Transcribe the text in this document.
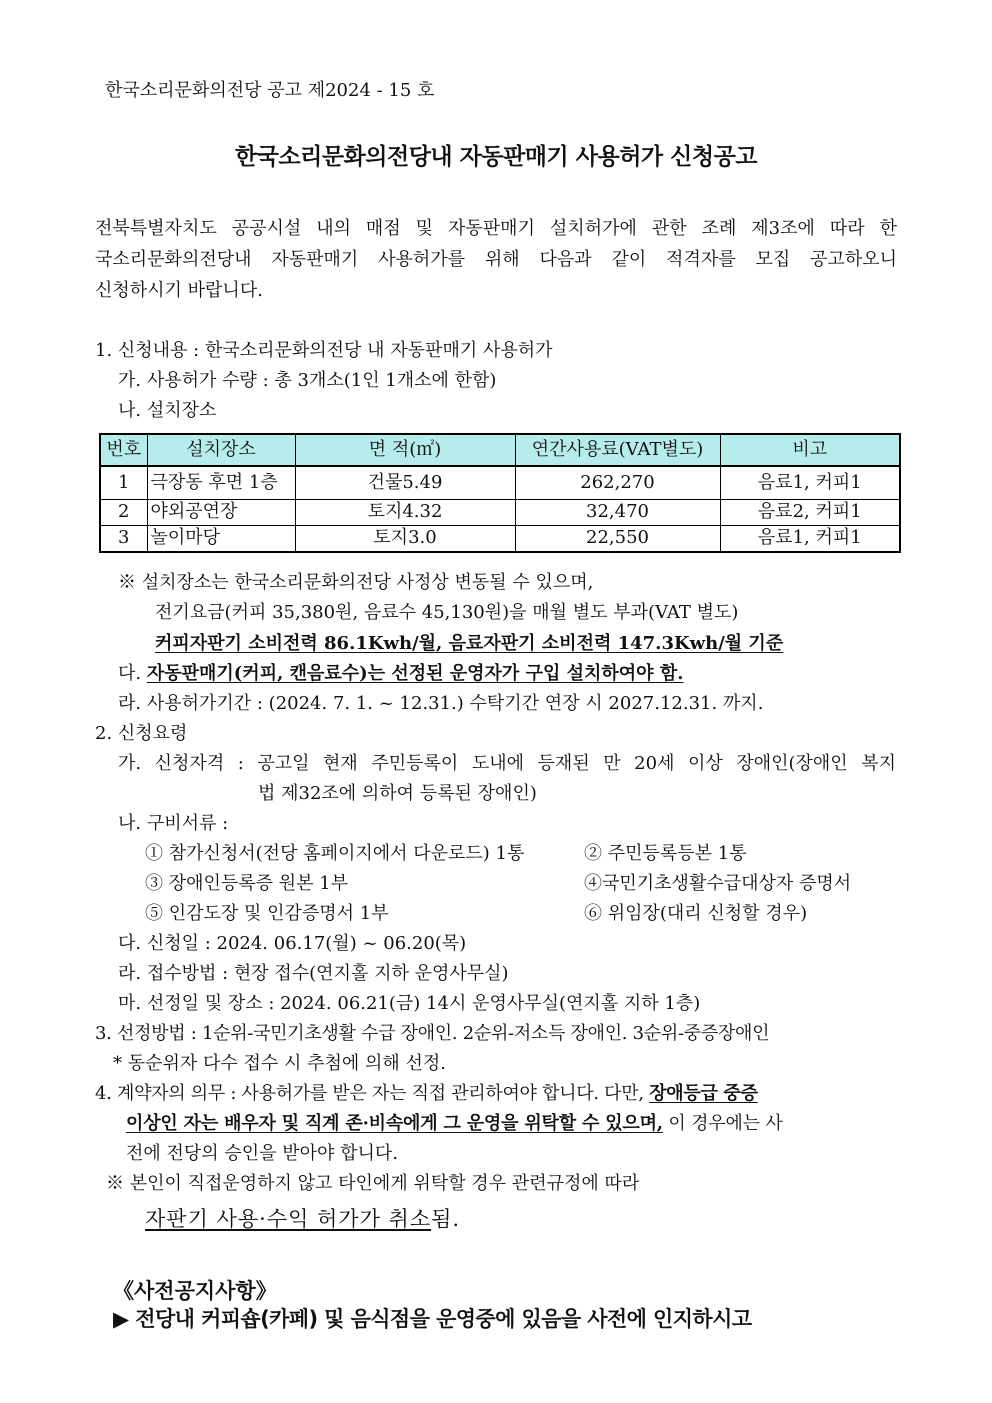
한국소리문화의전당 공고 제2024 - 15 호
한국소리문화의전당내 자동판매기 사용허가 신청공고
전북특별자치도 공공시설 내의 매점 및 자동판매기 설치허가에 관한 조례 제3조에 따라 한
국소리문화의전당내 자동판매기 사용허가를 위해 다음과 같이 적격자를 모집 공고하오니
신청하시기 바랍니다.
1. 신청내용 : 한국소리문화의전당 내 자동판매기 사용허가
가. 사용허가 수량 : 총 3개소(1인 1개소에 한함)
나. 설치장소
번호	설치장소	면 적(㎡)	연간사용료(VAT별도)	비고
1	극장동 후면 1층	건물5.49	262,270	음료1, 커피1
2	야외공연장	토지4.32	32,470	음료2, 커피1
3	놀이마당	토지3.0	22,550	음료1, 커피1
※ 설치장소는 한국소리문화의전당 사정상 변동될 수 있으며,
전기요금(커피 35,380원, 음료수 45,130원)을 매월 별도 부과(VAT 별도)
커피자판기 소비전력 86.1Kwh/월, 음료자판기 소비전력 147.3Kwh/월 기준
다. 자동판매기(커피, 캔음료수)는 선정된 운영자가 구입 설치하여야 함.
라. 사용허가기간 : (2024. 7. 1. ~ 12.31.) 수탁기간 연장 시 2027.12.31. 까지.
2. 신청요령
가. 신청자격 : 공고일 현재 주민등록이 도내에 등재된 만 20세 이상 장애인(장애인 복지
법 제32조에 의하여 등록된 장애인)
나. 구비서류 :
① 참가신청서(전당 홈페이지에서 다운로드) 1통	② 주민등록등본 1통
③ 장애인등록증 원본 1부	④국민기초생활수급대상자 증명서
⑤ 인감도장 및 인감증명서 1부	⑥ 위임장(대리 신청할 경우)
다. 신청일 : 2024. 06.17(월) ~ 06.20(목)
라. 접수방법 : 현장 접수(연지홀 지하 운영사무실)
마. 선정일 및 장소 : 2024. 06.21(금) 14시 운영사무실(연지홀 지하 1층)
3. 선정방법 : 1순위-국민기초생활 수급 장애인. 2순위-저소득 장애인. 3순위-중증장애인
* 동순위자 다수 접수 시 추첨에 의해 선정.
4. 계약자의 의무 : 사용허가를 받은 자는 직접 관리하여야 합니다. 다만, 장애등급 중증
이상인 자는 배우자 및 직계 존·비속에게 그 운영을 위탁할 수 있으며, 이 경우에는 사
전에 전당의 승인을 받아야 합니다.
※ 본인이 직접운영하지 않고 타인에게 위탁할 경우 관련규정에 따라
자판기 사용·수익 허가가 취소됨.
《사전공지사항》
▶ 전당내 커피숍(카페) 및 음식점을 운영중에 있음을 사전에 인지하시고
